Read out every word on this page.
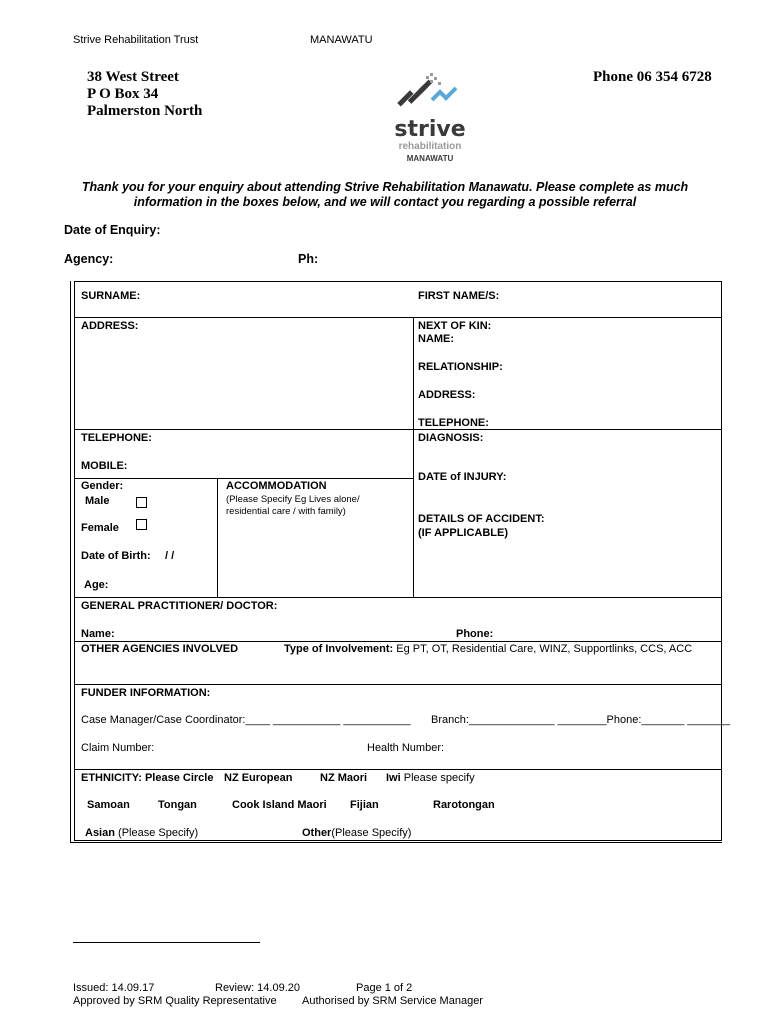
Strive Rehabilitation Trust	MANAWATU
38 West Street
P O Box 34
Palmerston North
Phone 06 354 6728
strive
rehabilitation
MANAWATU
Thank you for your enquiry about attending Strive Rehabilitation Manawatu. Please complete as much
information in the boxes below, and we will contact you regarding a possible referral
Date of Enquiry:
Agency:	Ph:
SURNAME:	FIRST NAME/S:
ADDRESS:	NEXT OF KIN:
NAME:
RELATIONSHIP:
ADDRESS:
TELEPHONE:
TELEPHONE:	DIAGNOSIS:
MOBILE:
DATE of INJURY:
Gender:
Male
Female
Date of Birth: / /
Age:
ACCOMMODATION
(Please Specify Eg Lives alone/
residential care / with family)
DETAILS OF ACCIDENT:
(IF APPLICABLE)
GENERAL PRACTITIONER/ DOCTOR:
Name:	Phone:
OTHER AGENCIES INVOLVED	Type of Involvement: Eg PT, OT, Residential Care, WINZ, Supportlinks, CCS, ACC
FUNDER INFORMATION:
Case Manager/Case Coordinator:____ ___________ ___________ Branch:______________ ________Phone:_______ _______
Claim Number:	Health Number:
ETHNICITY: Please Circle NZ European	NZ Maori Iwi Please specify
Samoan	Tongan	Cook Island Maori Fijian	Rarotongan
Asian (Please Specify)	Other(Please Specify)
Issued: 14.09.17	Review: 14.09.20	Page 1 of 2
Approved by SRM Quality Representative Authorised by SRM Service Manager
